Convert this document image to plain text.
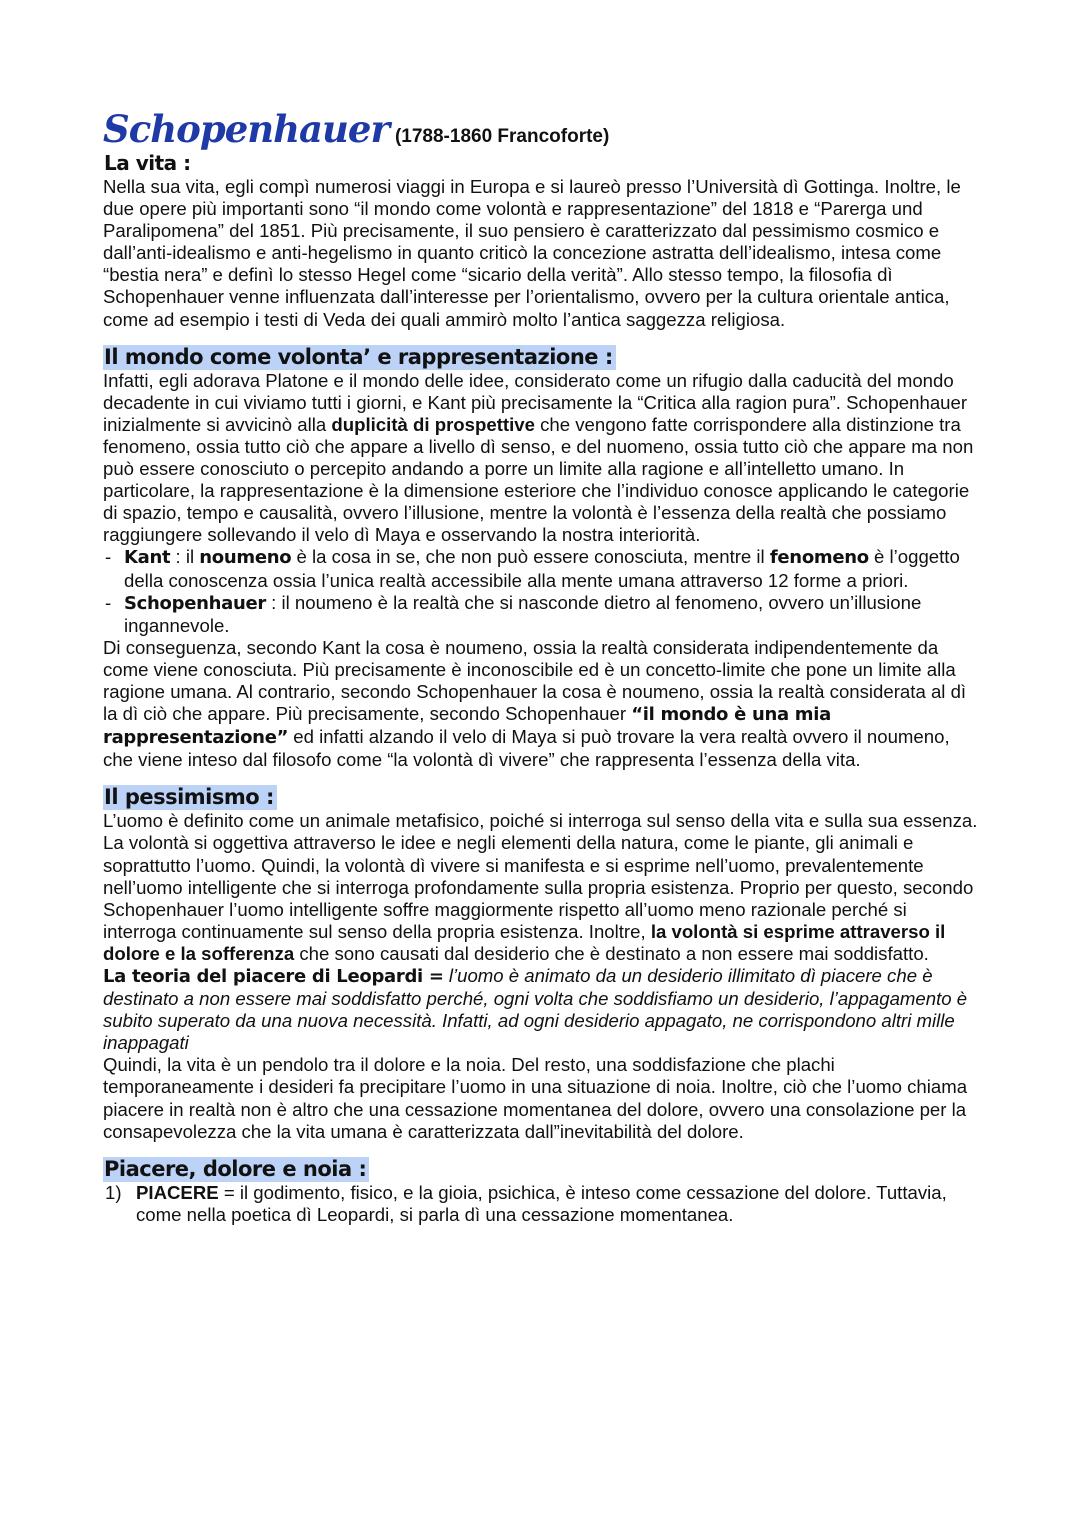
Schopenhauer (1788-1860 Francoforte)
La vita :

Nella sua vita, egli compì numerosi viaggi in Europa e si laureò presso l’Università dì Gottinga. Inoltre, le due opere più importanti sono “il mondo come volontà e rappresentazione” del 1818 e “Parerga und Paralipomena” del 1851. Più precisamente, il suo pensiero è caratterizzato dal pessimismo cosmico e dall’anti-idealismo e anti-hegelismo in quanto criticò la concezione astratta dell’idealismo, intesa come “bestia nera” e definì lo stesso Hegel come “sicario della verità”. Allo stesso tempo, la filosofia dì Schopenhauer venne influenzata dall’interesse per l’orientalismo, ovvero per la cultura orientale antica, come ad esempio i testi di Veda dei quali ammirò molto l’antica saggezza religiosa.

Il mondo come volonta’ e rappresentazione :

Infatti, egli adorava Platone e il mondo delle idee, considerato come un rifugio dalla caducità del mondo decadente in cui viviamo tutti i giorni, e Kant più precisamente la “Critica alla ragion pura”. Schopenhauer inizialmente si avvicinò alla duplicità di prospettive che vengono fatte corrispondere alla distinzione tra fenomeno, ossia tutto ciò che appare a livello dì senso, e del nuomeno, ossia tutto ciò che appare ma non può essere conosciuto o percepito andando a porre un limite alla ragione e all’intelletto umano. In particolare, la rappresentazione è la dimensione esteriore che l’individuo conosce applicando le categorie di spazio, tempo e causalità, ovvero l’illusione, mentre la volontà è l’essenza della realtà che possiamo raggiungere sollevando il velo dì Maya e osservando la nostra interiorità.

- Kant : il noumeno è la cosa in se, che non può essere conosciuta, mentre il fenomeno è l’oggetto della conoscenza ossia l’unica realtà accessibile alla mente umana attraverso 12 forme a priori.
- Schopenhauer : il noumeno è la realtà che si nasconde dietro al fenomeno, ovvero un’illusione ingannevole.

Di conseguenza, secondo Kant la cosa è noumeno, ossia la realtà considerata indipendentemente da come viene conosciuta. Più precisamente è inconoscibile ed è un concetto-limite che pone un limite alla ragione umana. Al contrario, secondo Schopenhauer la cosa è noumeno, ossia la realtà considerata al dì la dì ciò che appare. Più precisamente, secondo Schopenhauer “il mondo è una mia rappresentazione” ed infatti alzando il velo di Maya si può trovare la vera realtà ovvero il noumeno, che viene inteso dal filosofo come “la volontà dì vivere” che rappresenta l’essenza della vita.

Il pessimismo :

L’uomo è definito come un animale metafisico, poiché si interroga sul senso della vita e sulla sua essenza. La volontà si oggettiva attraverso le idee e negli elementi della natura, come le piante, gli animali e soprattutto l’uomo. Quindi, la volontà dì vivere si manifesta e si esprime nell’uomo, prevalentemente nell’uomo intelligente che si interroga profondamente sulla propria esistenza. Proprio per questo, secondo Schopenhauer l’uomo intelligente soffre maggiormente rispetto all’uomo meno razionale perché si interroga continuamente sul senso della propria esistenza. Inoltre, la volontà si esprime attraverso il dolore e la sofferenza che sono causati dal desiderio che è destinato a non essere mai soddisfatto.

La teoria del piacere di Leopardi = l’uomo è animato da un desiderio illimitato dì piacere che è destinato a non essere mai soddisfatto perché, ogni volta che soddisfiamo un desiderio, l’appagamento è subito superato da una nuova necessità. Infatti, ad ogni desiderio appagato, ne corrispondono altri mille inappagati

Quindi, la vita è un pendolo tra il dolore e la noia. Del resto, una soddisfazione che plachi temporaneamente i desideri fa precipitare l’uomo in una situazione di noia. Inoltre, ciò che l’uomo chiama piacere in realtà non è altro che una cessazione momentanea del dolore, ovvero una consolazione per la consapevolezza che la vita umana è caratterizzata dall”inevitabilità del dolore.

Piacere, dolore e noia :
1) PIACERE = il godimento, fisico, e la gioia, psichica, è inteso come cessazione del dolore. Tuttavia, come nella poetica dì Leopardi, si parla dì una cessazione momentanea.
